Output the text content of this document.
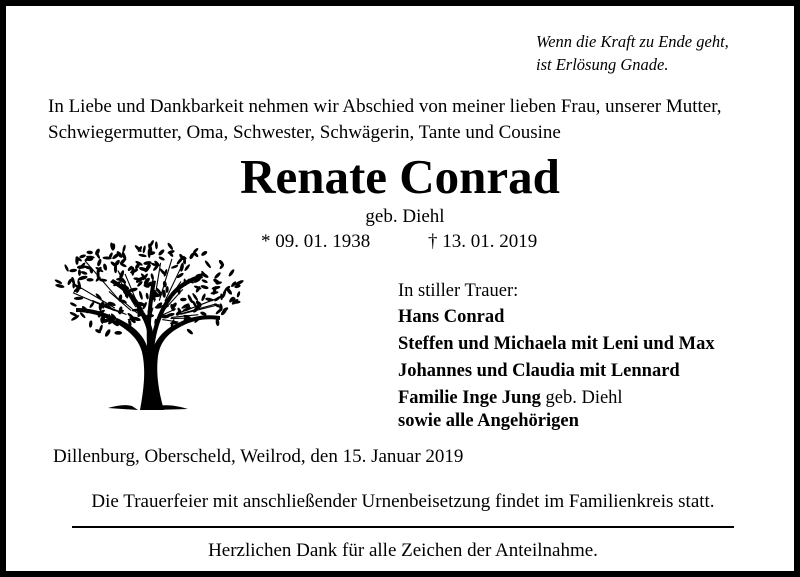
Wenn die Kraft zu Ende geht,
ist Erlösung Gnade.
In Liebe und Dankbarkeit nehmen wir Abschied von meiner lieben Frau, unserer Mutter, Schwiegermutter, Oma, Schwester, Schwägerin, Tante und Cousine
Renate Conrad
geb. Diehl
* 09. 01. 1938	† 13. 01. 2019
In stiller Trauer:
Hans Conrad
Steffen und Michaela mit Leni und Max
Johannes und Claudia mit Lennard
Familie Inge Jung geb. Diehl
sowie alle Angehörigen
Dillenburg, Oberscheld, Weilrod, den 15. Januar 2019
Die Trauerfeier mit anschließender Urnenbeisetzung findet im Familienkreis statt.
Herzlichen Dank für alle Zeichen der Anteilnahme.
